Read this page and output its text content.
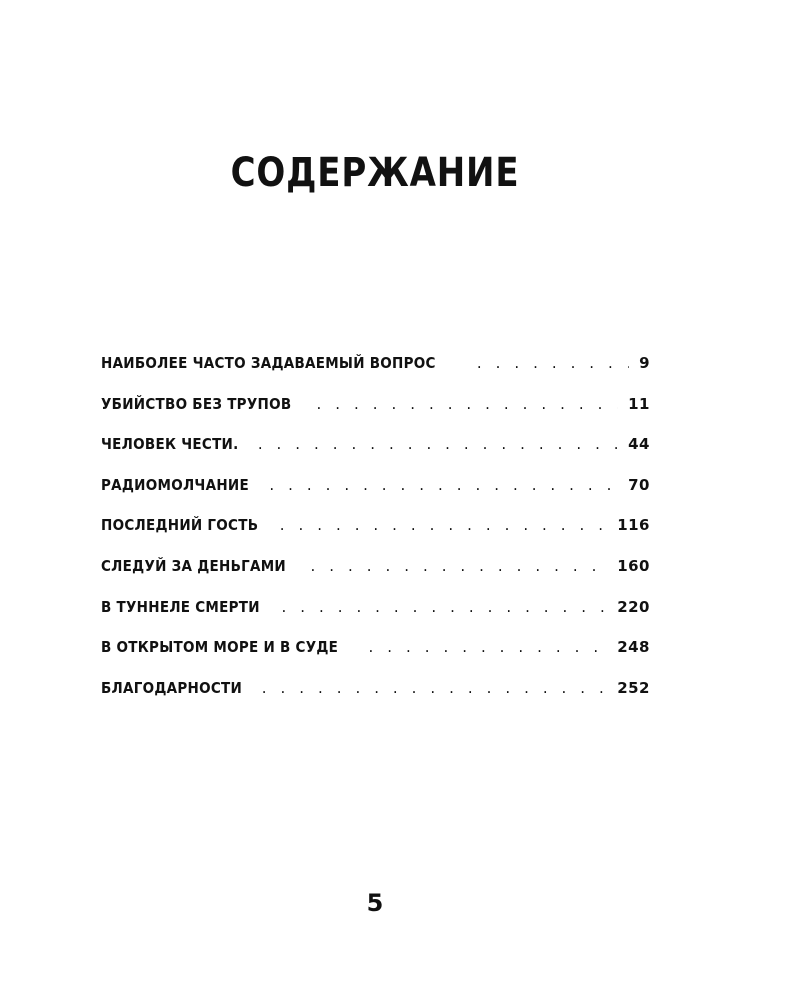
СОДЕРЖАНИЕ
НАИБОЛЕЕ ЧАСТО ЗАДАВАЕМЫЙ ВОПРОС . . .	9
УБИЙСТВО БЕЗ ТРУПОВ . . .	11
ЧЕЛОВЕК ЧЕСТИ. . . .	44
РАДИОМОЛЧАНИЕ . . .	70
ПОСЛЕДНИЙ ГОСТЬ . . .	116
СЛЕДУЙ ЗА ДЕНЬГАМИ . . .	160
В ТУННЕЛЕ СМЕРТИ . . .	220
В ОТКРЫТОМ МОРЕ И В СУДЕ . . .	248
БЛАГОДАРНОСТИ . . .	252
5
